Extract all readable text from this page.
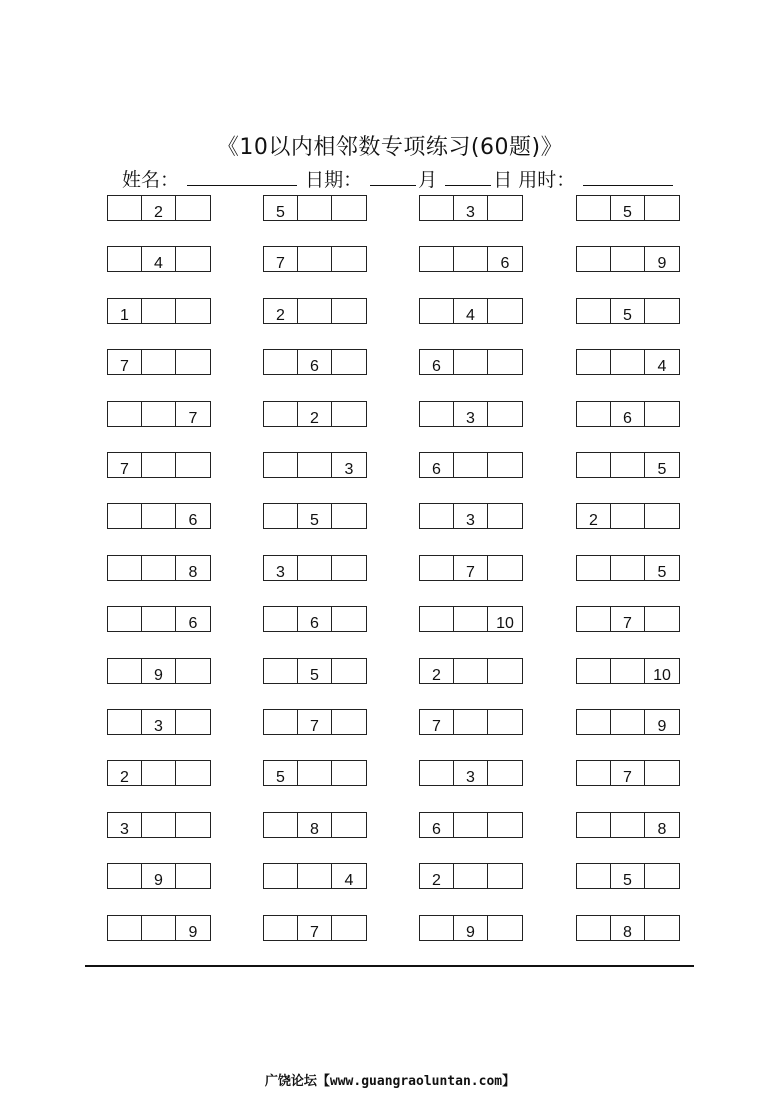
《10以内相邻数专项练习(60题)》
姓名：	日期：	月	日 用时：
2	5	3	5
4	7	6	9
1	2	4	5
7	6	6	4
7	2	3	6
7	3	6	5
6	5	3	2
8	3	7	5
6	6	10	7
9	5	2	10
3	7	7	9
2	5	3	7
3	8	6	8
9	4	2	5
9	7	9	8
广饶论坛【www.guangraoluntan.com】
